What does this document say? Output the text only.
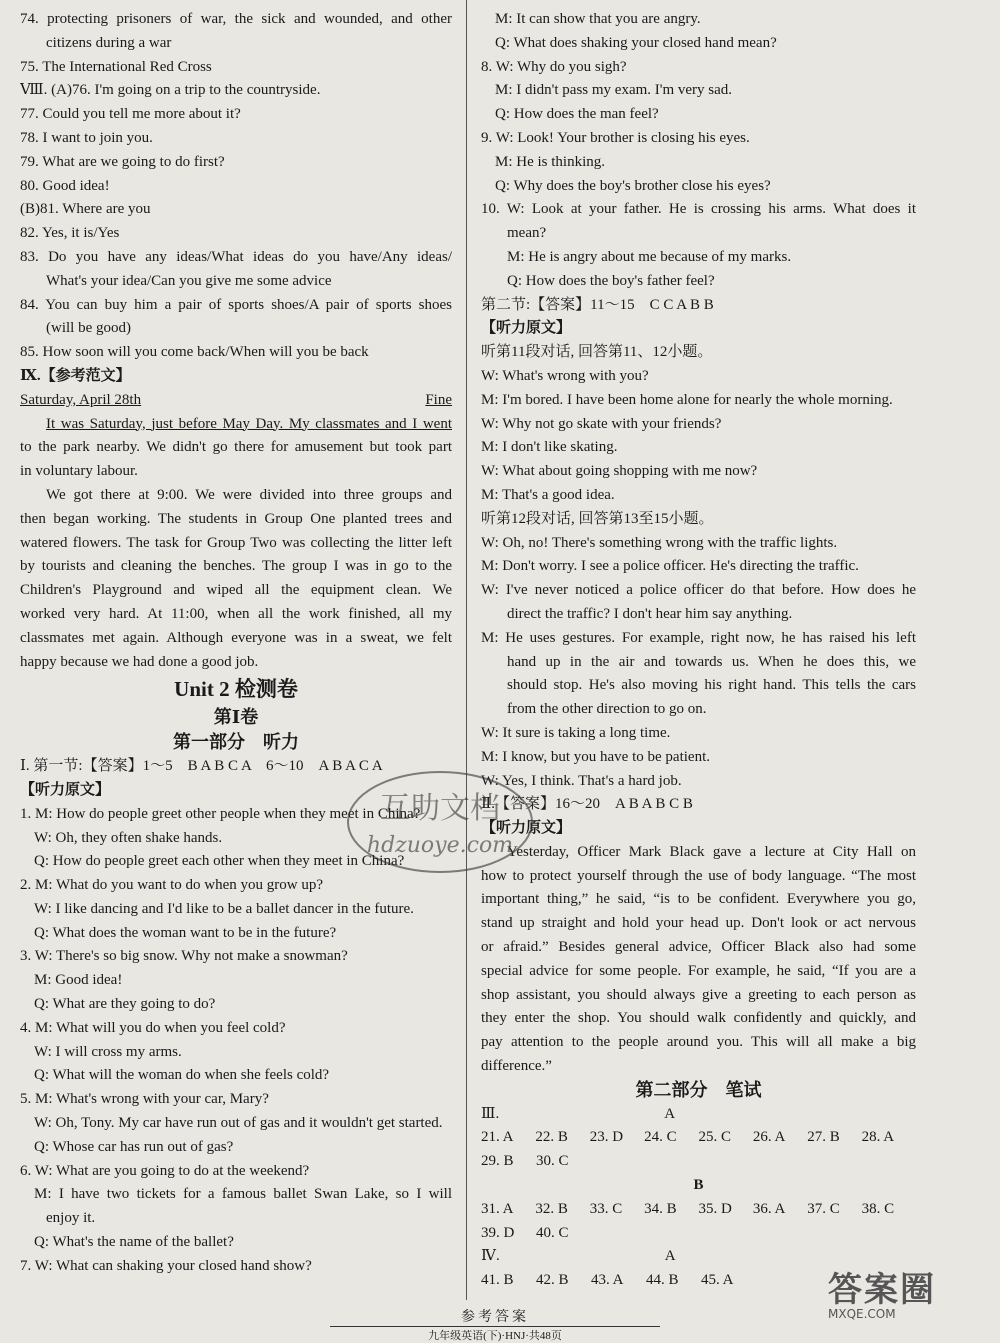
74. protecting prisoners of war, the sick and wounded, and other
citizens during a war
75. The International Red Cross
Ⅷ. (A)76. I'm going on a trip to the countryside.
77. Could you tell me more about it?
78. I want to join you.
79. What are we going to do first?
80. Good idea!
(B)81. Where are you
82. Yes, it is/Yes
83. Do you have any ideas/What ideas do you have/Any ideas/
What's your idea/Can you give me some advice
84. You can buy him a pair of sports shoes/A pair of sports shoes
(will be good)
85. How soon will you come back/When will you be back
Ⅸ.【参考范文】
Saturday, April 28th	Fine
It was Saturday, just before May Day. My classmates and I went
to the park nearby. We didn't go there for amusement but took part
in voluntary labour.
We got there at 9:00. We were divided into three groups and
then began working. The students in Group One planted trees and
watered flowers. The task for Group Two was collecting the litter left
by tourists and cleaning the benches. The group I was in go to the
Children's Playground and wiped all the equipment clean. We
worked very hard. At 11:00, when all the work finished, all my
classmates met again. Although everyone was in a sweat, we felt
happy because we had done a good job.
Unit 2 检测卷
第Ⅰ卷
第一部分　听力
Ⅰ. 第一节:【答案】1～5　B A B C A　6～10　A B A C A
【听力原文】
1. M: How do people greet other people when they meet in China?
W: Oh, they often shake hands.
Q: How do people greet each other when they meet in China?
2. M: What do you want to do when you grow up?
W: I like dancing and I'd like to be a ballet dancer in the future.
Q: What does the woman want to be in the future?
3. W: There's so big snow. Why not make a snowman?
M: Good idea!
Q: What are they going to do?
4. M: What will you do when you feel cold?
W: I will cross my arms.
Q: What will the woman do when she feels cold?
5. M: What's wrong with your car, Mary?
W: Oh, Tony. My car have run out of gas and it wouldn't get started.
Q: Whose car has run out of gas?
6. W: What are you going to do at the weekend?
M: I have two tickets for a famous ballet Swan Lake, so I will
enjoy it.
Q: What's the name of the ballet?
7. W: What can shaking your closed hand show?
M: It can show that you are angry.
Q: What does shaking your closed hand mean?
8. W: Why do you sigh?
M: I didn't pass my exam. I'm very sad.
Q: How does the man feel?
9. W: Look! Your brother is closing his eyes.
M: He is thinking.
Q: Why does the boy's brother close his eyes?
10. W: Look at your father. He is crossing his arms. What does it
mean?
M: He is angry about me because of my marks.
Q: How does the boy's father feel?
第二节:【答案】11～15　C C A B B
【听力原文】
听第11段对话, 回答第11、12小题。
W: What's wrong with you?
M: I'm bored. I have been home alone for nearly the whole morning.
W: Why not go skate with your friends?
M: I don't like skating.
W: What about going shopping with me now?
M: That's a good idea.
听第12段对话, 回答第13至15小题。
W: Oh, no! There's something wrong with the traffic lights.
M: Don't worry. I see a police officer. He's directing the traffic.
W: I've never noticed a police officer do that before. How does he
direct the traffic? I don't hear him say anything.
M: He uses gestures. For example, right now, he has raised his left
hand up in the air and towards us. When he does this, we
should stop. He's also moving his right hand. This tells the cars
from the other direction to go on.
W: It sure is taking a long time.
M: I know, but you have to be patient.
W: Yes, I think. That's a hard job.
Ⅱ.【答案】16～20　A B A B C B
【听力原文】
Yesterday, Officer Mark Black gave a lecture at City Hall on
how to protect yourself through the use of body language. “The most
important thing,” he said, “is to be confident. Everywhere you go,
stand up straight and hold your head up. Don't look or act nervous
or afraid.” Besides general advice, Officer Black also had some
special advice for some people. For example, he said, “If you are a
shop assistant, you should always give a greeting to each person as
they enter the shop. You should walk confidently and quickly, and
pay attention to the people around you. This will all make a big
difference.”
第二部分　笔试
Ⅲ.　　　　　　　　　　　A
21. A	22. B	23. D	24. C	25. C	26. A	27. B	28. A
29. B	30. C
B
31. A	32. B	33. C	34. B	35. D	36. A	37. C	38. C
39. D	40. C
Ⅳ.　　　　　　　　　　　A
41. B	42. B	43. A	44. B	45. A
互助文档
hdzuoye.com
答案圈
MXQE.COM
参考答案
九年级英语(下)·HNJ·共48页
